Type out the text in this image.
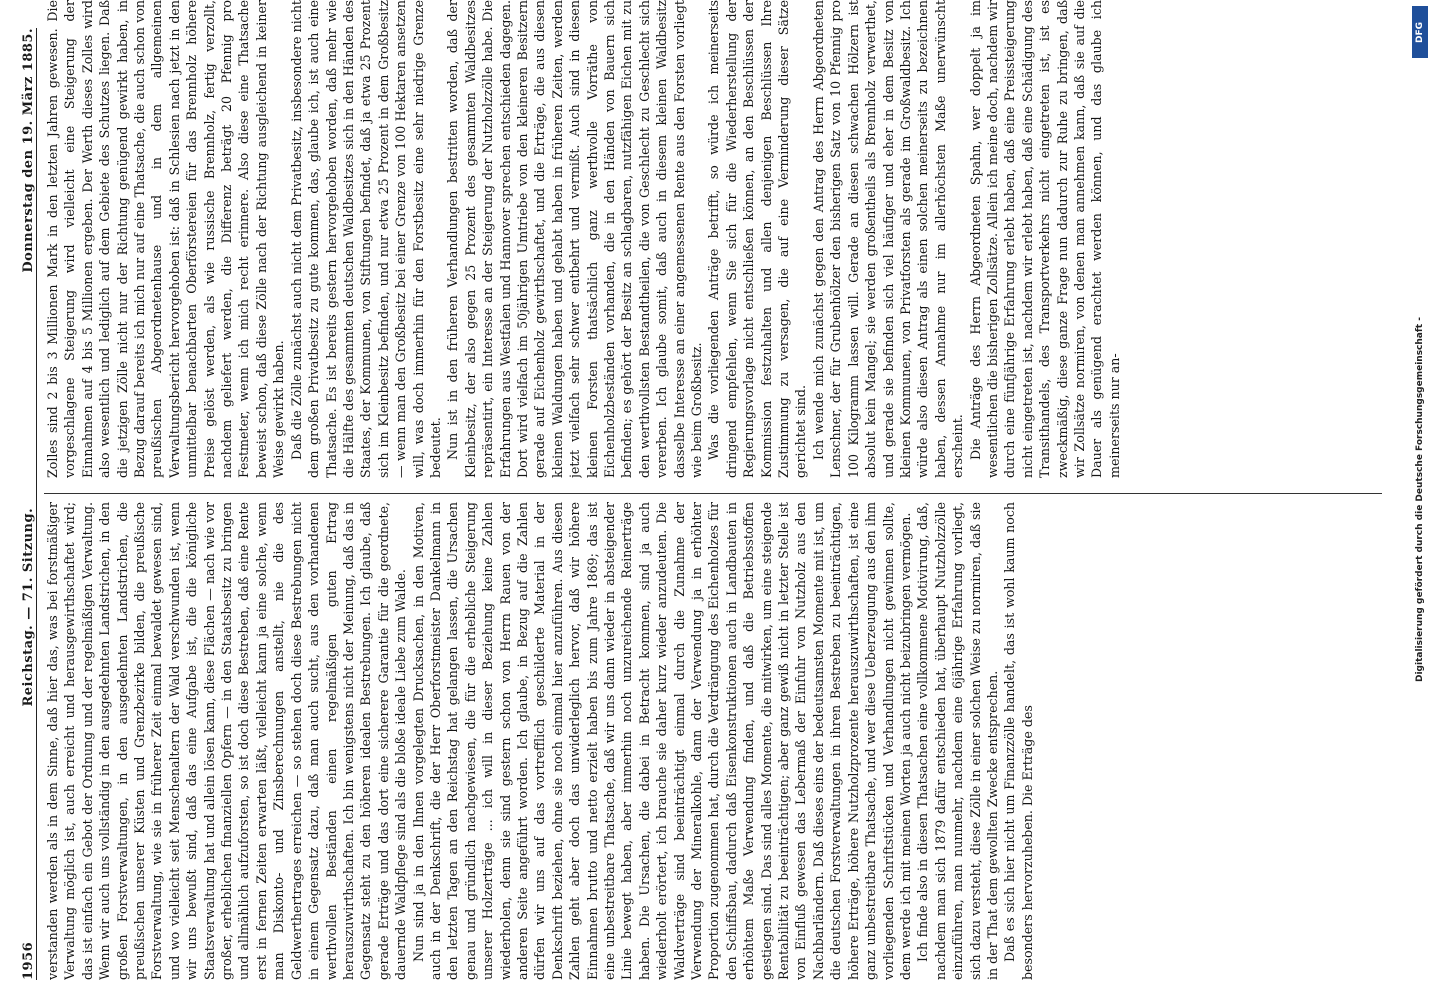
1956
Reichstag. — 71. Sitzung.
Donnerstag den 19. März 1885.

verstanden werden als in dem Sinne, daß hier das, was bei forstmäßiger Verwaltung möglich ist, auch erreicht und herausgewirthschaftet wird; das ist einfach ein Gebot der Ordnung und der regelmäßigen Verwaltung. Wenn wir auch uns vollständig in den ausgedehnten Landstrichen, in den großen Forstverwaltungen, in den ausgedehnten Landstrichen, die preußischen unserer Küsten und Grenzbezirke bilden, die preußische Forstverwaltung, wie sie in früherer Zeit einmal bewaldet gewesen sind, und wo vielleicht seit Menschenaltern der Wald verschwunden ist, wenn wir uns bewußt sind, daß das eine Aufgabe ist, die die königliche Staatsverwaltung hat und allein lösen kann, diese Flächen — nach wie vor großer, erheblichen finanziellen Opfern — in den Staatsbesitz zu bringen und allmählich aufzuforsten, so ist doch diese Bestreben, daß eine Rente erst in fernen Zeiten erwarten läßt, vielleicht kann ja eine solche, wenn man Diskonto- und Zinsberechnungen anstellt, nie die des Geldwerthertrages erreichen — so stehen doch diese Bestrebungen nicht in einem Gegensatz dazu, daß man auch sucht, aus den vorhandenen werthvollen Beständen einen regelmäßigen guten Ertrag herauszuwirthschaften. Ich bin wenigstens nicht der Meinung, daß das in Gegensatz steht zu den höheren idealen Bestrebungen. Ich glaube, daß gerade Erträge und das dort eine sicherere Garantie für die geordnete, dauernde Waldpflege sind als die bloße ideale Liebe zum Walde. Nun sind ja in den Ihnen vorgelegten Drucksachen, in den Motiven, auch in der Denkschrift, die der Herr Oberforstmeister Dankelmann in den letzten Tagen an den Reichstag hat gelangen lassen, die Ursachen genau und gründlich nachgewiesen, die für die erhebliche Steigerung unserer Holzerträge ... ich will in dieser Beziehung keine Zahlen wiederholen, denn sie sind gestern schon von Herrn Rauen von der anderen Seite angeführt worden. Ich glaube, in Bezug auf die Zahlen dürfen wir uns auf das vortrefflich geschilderte Material in der Denkschrift beziehen, ohne sie noch einmal hier anzuführen. Aus diesen Zahlen geht aber doch das unwiderleglich hervor, daß wir höhere Einnahmen brutto und netto erzielt haben bis zum Jahre 1869; das ist eine unbestreitbare Thatsache, daß wir uns dann wieder in absteigender Linie bewegt haben, aber immerhin noch unzureichende Reinerträge haben. Die Ursachen, die dabei in Betracht kommen, sind ja auch wiederholt erörtert, ich brauche sie daher kurz wieder anzudeuten. Die Waldverträge sind beeinträchtigt einmal durch die Zunahme der Verwendung der Mineralkohle, dann der Verwendung ja in erhöhter Proportion zugenommen hat, durch die Verdrängung des Eichenholzes für den Schiffsbau, dadurch daß Eisenkonstruktionen auch in Landbauten in erhöhtem Maße Verwendung finden, und daß die Betriebsstoffen gestiegen sind. Das sind alles Momente, die mitwirken, um eine steigende Rentabilität zu beeinträchtigen; aber ganz gewiß nicht in letzter Stelle ist von Einfluß gewesen das Lebermaß der Einfuhr von Nutzholz aus den Nachbarländern. Daß dieses eins der bedeutsamsten Momente mit ist, um die deutschen Forstverwaltungen in ihren Bestreben zu beeinträchtigen, höhere Erträge, höhere Nutzholzprozente herauszuwirthschaften, ist eine ganz unbestreitbare Thatsache, und wer diese Ueberzeugung aus den ihm vorliegenden Schriftstücken und Verhandlungen nicht gewinnen sollte, dem werde ich mit meinen Worten ja auch nicht beizubringen vermögen. Ich finde also in diesen Thatsachen eine vollkommene Motivirung, daß, nachdem man sich 1879 dafür entschieden hat, überhaupt Nutzholzzölle einzuführen, man nunmehr, nachdem eine 6jährige Erfahrung vorliegt, sich dazu versteht, diese Zölle in einer solchen Weise zu normiren, daß sie in der That dem gewollten Zwecke entsprechen. Daß es sich hier nicht um Finanzzölle handelt, das ist wohl kaum noch besonders hervorzuheben. Die Erträge des

Zolles sind 2 bis 3 Millionen Mark in den letzten Jahren gewesen. Die vorgeschlagene Steigerung wird vielleicht eine Steigerung der Einnahmen auf 4 bis 5 Millionen ergeben. Der Werth dieses Zolles wird also wesentlich und lediglich auf dem Gebiete des Schutzes liegen. Daß die jetzigen Zölle nicht nur der Richtung genügend gewirkt haben, in Bezug darauf bereits ich mich nur auf eine Thatsache, die auch schon von preußischen Abgeordnetenhause und in dem allgemeinen Verwaltungsbericht hervorgehoben ist: daß in Schlesien nach jetzt in den unmittelbar benachbarten Oberförstereien für das Brennholz höhere Preise gelöst werden, als wie russische Brennholz, fertig verzollt, nachdem geliefert werden, die Differenz beträgt 20 Pfennig pro Festmeter, wenn ich mich recht erinnere. Also diese eine Thatsache beweist schon, daß diese Zölle nach der Richtung ausgleichend in keiner Weise gewirkt haben. Daß die Zölle zunächst auch nicht dem Privatbesitz, insbesondere nicht dem großen Privatbesitz zu gute kommen, das, glaube ich, ist auch eine Thatsache. Es ist bereits gestern hervorgehoben worden, daß mehr wie die Hälfte des gesammten deutschen Waldbesitzes sich in den Händen des Staates, der Kommunen, von Stiftungen befindet, daß ja etwa 25 Prozent sich im Kleinbesitz befinden, und nur etwa 25 Prozent in dem Großbesitz — wenn man den Großbesitz bei einer Grenze von 100 Hektaren ansetzen will, was doch immerhin für den Forstbesitz eine sehr niedrige Grenze bedeutet. Nun ist in den früheren Verhandlungen bestritten worden, daß der Kleinbesitz, der also gegen 25 Prozent des gesammten Waldbesitzes repräsentirt, ein Interesse an der Steigerung der Nutzholzzölle habe. Die Erfahrungen aus Westfalen und Hannover sprechen entschieden dagegen. Dort wird vielfach im 50jährigen Umtriebe von den kleineren Besitzern gerade auf Eichenholz gewirthschaftet, und die Erträge, die aus diesen kleinen Waldungen haben und gehabt haben in früheren Zeiten, werden jetzt vielfach sehr schwer entbehrt und vermißt. Auch sind in diesen kleinen Forsten thatsächlich ganz werthvolle Vorräthe von Eichenholzbeständen vorhanden, die in den Händen von Bauern sich befinden; es gehört der Besitz an schlagbaren, nutzfähigen Eichen mit zu den werthvollsten Bestandtheilen, die von Geschlecht zu Geschlecht sich vererben. Ich glaube somit, daß auch in diesem kleinen Waldbesitz dasselbe Interesse an einer angemessenen Rente aus den Forsten vorliegt wie beim Großbesitz. Was die vorliegenden Anträge betrifft, so würde ich meinerseits dringend empfehlen, wenn Sie sich für die Wiederherstellung der Regierungsvorlage nicht entschließen können, an den Beschlüssen der Kommission festzuhalten und allen denjenigen Beschlüssen Ihre Zustimmung zu versagen, die auf eine Verminderung dieser Sätze gerichtet sind. Ich wende mich zunächst gegen den Antrag des Herrn Abgeordneten Lenschner, der für Grubenhölzer den bisherigen Satz von 10 Pfennig pro 100 Kilogramm lassen will. Gerade an diesen schwachen Hölzern ist absolut kein Mangel; sie werden großentheils als Brennholz verwerthet, und gerade sie befinden sich viel häufiger und eher in dem Besitz von kleinen Kommunen, von Privatforsten als gerade im Großwaldbesitz. Ich würde also diesen Antrag als einen solchen meinerseits zu bezeichnen haben, dessen Annahme nur im allerhöchsten Maße unerwünscht erscheint. Die Anträge des Herrn Abgeordneten Spahn, wer doppelt ja im wesentlichen die bisherigen Zollsätze. Allein ich meine doch, nachdem wir durch eine fünfjährige Erfahrung erlebt haben, daß eine Preissteigerung nicht eingetreten ist, nachdem wir erlebt haben, daß eine Schädigung des Transithandels, des Transportverkehrs nicht eingetreten ist, ist es zweckmäßig, diese ganze Frage nun dadurch zur Ruhe zu bringen, daß wir Zollsätze normiren, von denen man annehmen kann, daß sie auf die Dauer als genügend erachtet werden können, und das glaube ich meinerseits nur an-

DFG
Digitalisierung gefördert durch die Deutsche Forschungsgemeinschaft -
